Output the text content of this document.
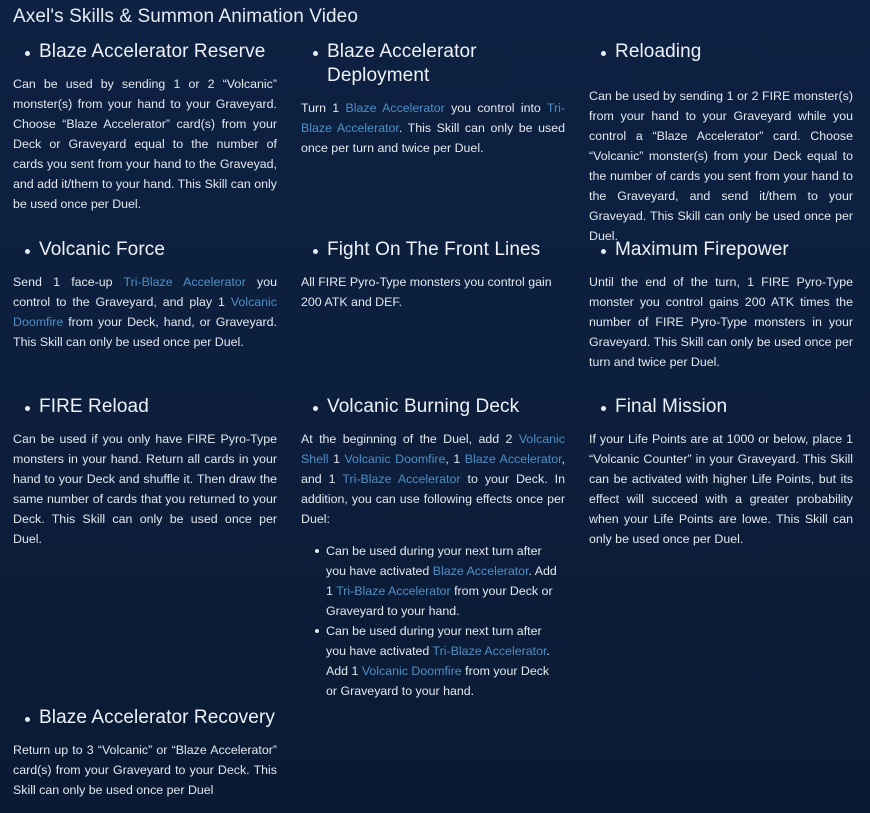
Axel's Skills & Summon Animation Video
Blaze Accelerator Reserve
Can be used by sending 1 or 2 “Volcanic” monster(s) from your hand to your Graveyard. Choose “Blaze Accelerator” card(s) from your Deck or Graveyard equal to the number of cards you sent from your hand to the Graveyad, and add it/them to your hand. This Skill can only be used once per Duel.
Blaze Accelerator Deployment
Turn 1 Blaze Accelerator you control into Tri-Blaze Accelerator. This Skill can only be used once per turn and twice per Duel.
Reloading
Can be used by sending 1 or 2 FIRE monster(s) from your hand to your Graveyard while you control a “Blaze Accelerator” card. Choose “Volcanic” monster(s) from your Deck equal to the number of cards you sent from your hand to the Graveyard, and send it/them to your Graveyad. This Skill can only be used once per Duel.
Volcanic Force
Send 1 face-up Tri-Blaze Accelerator you control to the Graveyard, and play 1 Volcanic Doomfire from your Deck, hand, or Graveyard. This Skill can only be used once per Duel.
Fight On The Front Lines
All FIRE Pyro-Type monsters you control gain 200 ATK and DEF.
Maximum Firepower
Until the end of the turn, 1 FIRE Pyro-Type monster you control gains 200 ATK times the number of FIRE Pyro-Type monsters in your Graveyard. This Skill can only be used once per turn and twice per Duel.
FIRE Reload
Can be used if you only have FIRE Pyro-Type monsters in your hand. Return all cards in your hand to your Deck and shuffle it. Then draw the same number of cards that you returned to your Deck. This Skill can only be used once per Duel.
Volcanic Burning Deck
At the beginning of the Duel, add 2 Volcanic Shell 1 Volcanic Doomfire, 1 Blaze Accelerator, and 1 Tri-Blaze Accelerator to your Deck. In addition, you can use following effects once per Duel:
Can be used during your next turn after you have activated Blaze Accelerator. Add 1 Tri-Blaze Accelerator from your Deck or Graveyard to your hand.
Can be used during your next turn after you have activated Tri-Blaze Accelerator. Add 1 Volcanic Doomfire from your Deck or Graveyard to your hand.
Final Mission
If your Life Points are at 1000 or below, place 1 “Volcanic Counter” in your Graveyard. This Skill can be activated with higher Life Points, but its effect will succeed with a greater probability when your Life Points are lowe. This Skill can only be used once per Duel.
Blaze Accelerator Recovery
Return up to 3 “Volcanic” or “Blaze Accelerator” card(s) from your Graveyard to your Deck. This Skill can only be used once per Duel
